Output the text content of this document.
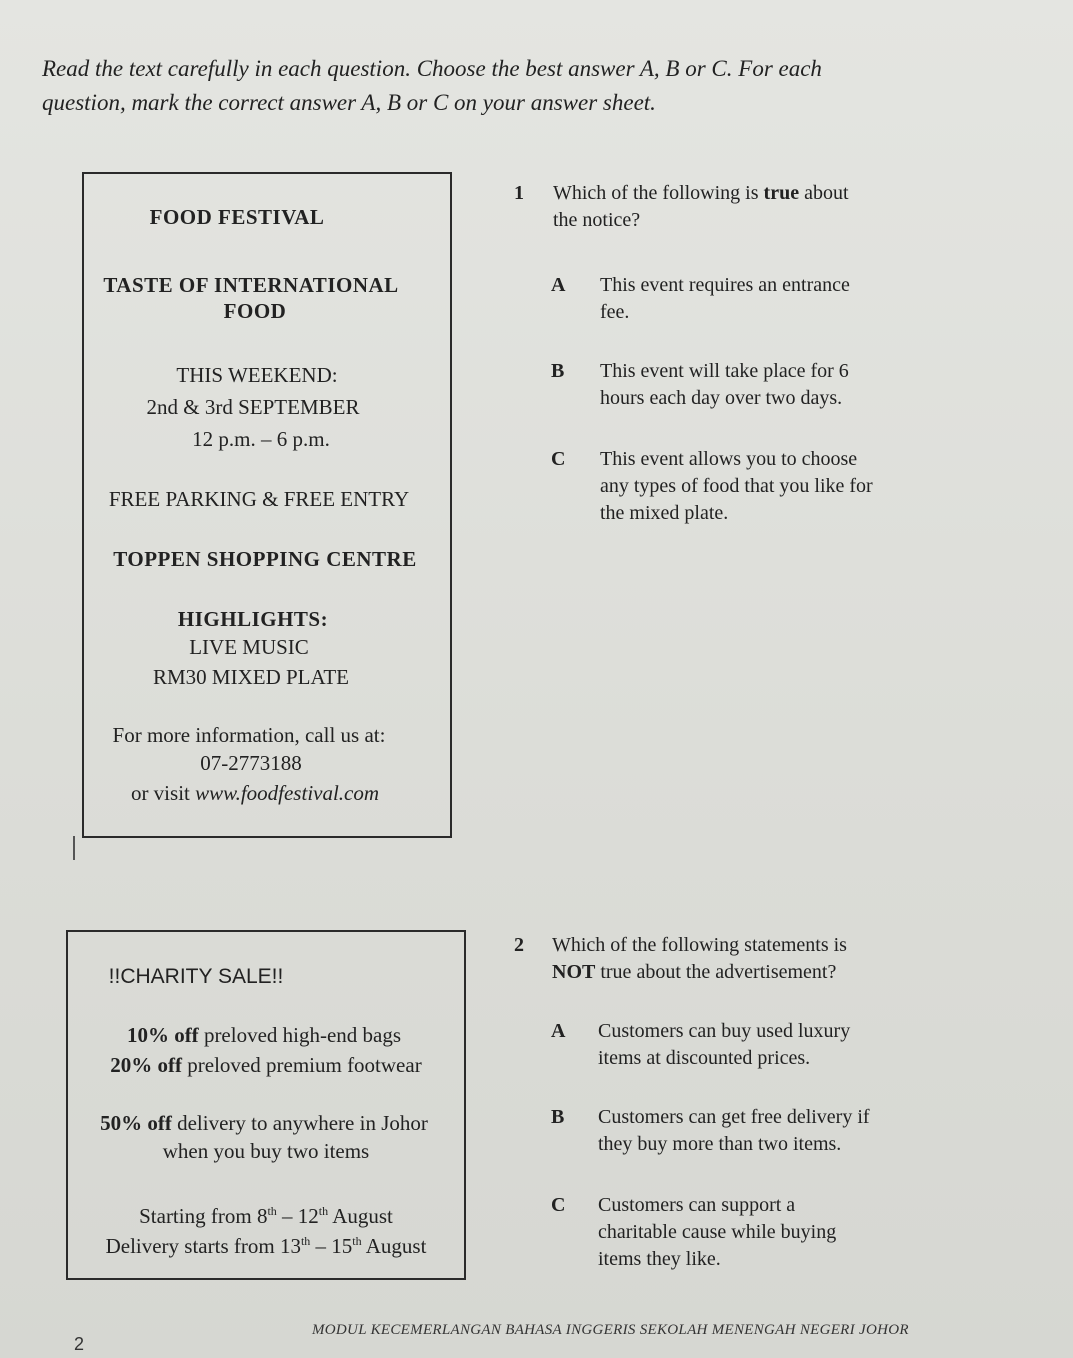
Read the text carefully in each question. Choose the best answer A, B or C. For each
question, mark the correct answer A, B or C on your answer sheet.
FOOD FESTIVAL
TASTE OF INTERNATIONAL
FOOD
THIS WEEKEND:
2nd & 3rd SEPTEMBER
12 p.m. – 6 p.m.
FREE PARKING & FREE ENTRY
TOPPEN SHOPPING CENTRE
HIGHLIGHTS:
LIVE MUSIC
RM30 MIXED PLATE
For more information, call us at:
07-2773188
or visit www.foodfestival.com
1 Which of the following is true about
the notice?
A This event requires an entrance
fee.
B This event will take place for 6
hours each day over two days.
C This event allows you to choose
any types of food that you like for
the mixed plate.
!!CHARITY SALE!!
10% off preloved high-end bags
20% off preloved premium footwear
50% off delivery to anywhere in Johor
when you buy two items
Starting from 8th – 12th August
Delivery starts from 13th – 15th August
2 Which of the following statements is
NOT true about the advertisement?
A Customers can buy used luxury
items at discounted prices.
B Customers can get free delivery if
they buy more than two items.
C Customers can support a
charitable cause while buying
items they like.
2
MODUL KECEMERLANGAN BAHASA INGGERIS SEKOLAH MENENGAH NEGERI JOHOR
